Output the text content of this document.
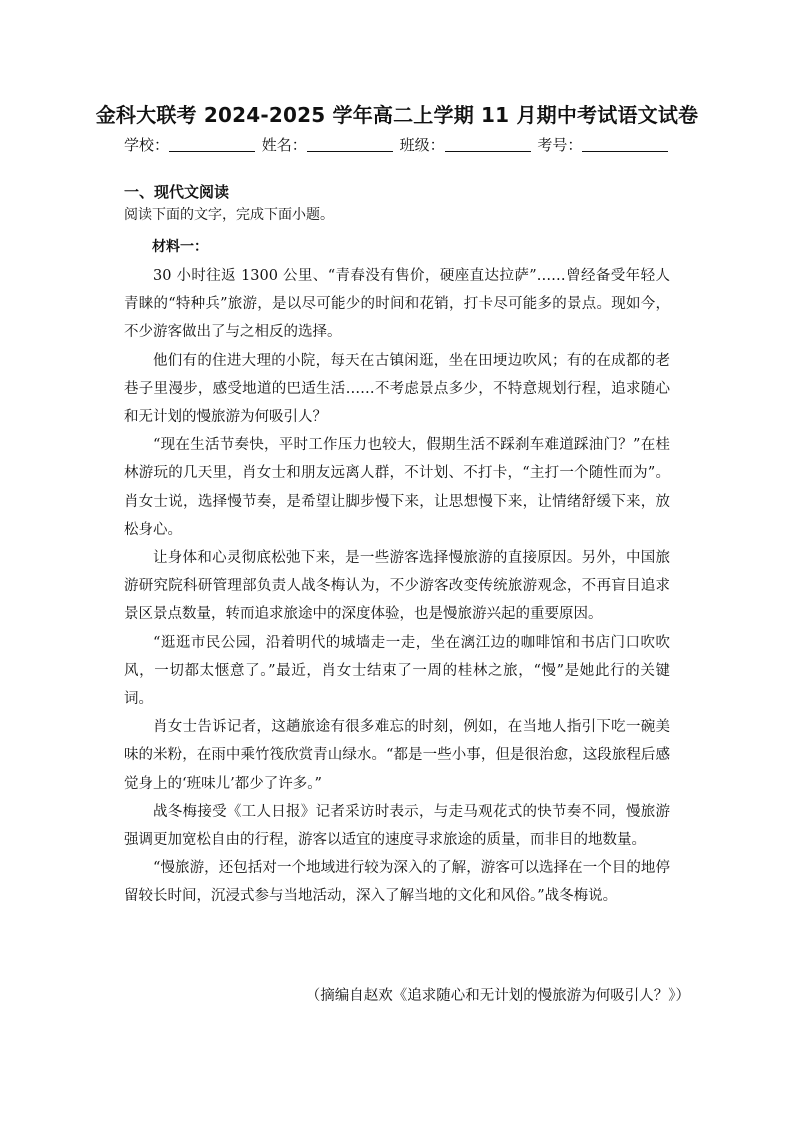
金科大联考 2024-2025 学年高二上学期 11 月期中考试语文试卷
学校：	姓名：	班级：	考号：
一、现代文阅读
阅读下面的文字，完成下面小题。
材料一：

30 小时往返 1300 公里、“青春没有售价，硬座直达拉萨”……曾经备受年轻人青睐的“特种兵”旅游，是以尽可能少的时间和花销，打卡尽可能多的景点。现如今，不少游客做出了与之相反的选择。

他们有的住进大理的小院，每天在古镇闲逛，坐在田埂边吹风；有的在成都的老巷子里漫步，感受地道的巴适生活……不考虑景点多少，不特意规划行程，追求随心和无计划的慢旅游为何吸引人？

“现在生活节奏快，平时工作压力也较大，假期生活不踩刹车难道踩油门？”在桂林游玩的几天里，肖女士和朋友远离人群，不计划、不打卡，“主打一个随性而为”。肖女士说，选择慢节奏，是希望让脚步慢下来，让思想慢下来，让情绪舒缓下来，放松身心。

让身体和心灵彻底松弛下来，是一些游客选择慢旅游的直接原因。另外，中国旅游研究院科研管理部负责人战冬梅认为，不少游客改变传统旅游观念，不再盲目追求景区景点数量，转而追求旅途中的深度体验，也是慢旅游兴起的重要原因。

“逛逛市民公园，沿着明代的城墙走一走，坐在漓江边的咖啡馆和书店门口吹吹风，一切都太惬意了。”最近，肖女士结束了一周的桂林之旅，“慢”是她此行的关键词。

肖女士告诉记者，这趟旅途有很多难忘的时刻，例如，在当地人指引下吃一碗美味的米粉，在雨中乘竹筏欣赏青山绿水。“都是一些小事，但是很治愈，这段旅程后感觉身上的‘班味儿’都少了许多。”

战冬梅接受《工人日报》记者采访时表示，与走马观花式的快节奏不同，慢旅游强调更加宽松自由的行程，游客以适宜的速度寻求旅途的质量，而非目的地数量。

“慢旅游，还包括对一个地域进行较为深入的了解，游客可以选择在一个目的地停留较长时间，沉浸式参与当地活动，深入了解当地的文化和风俗。”战冬梅说。

（摘编自赵欢《追求随心和无计划的慢旅游为何吸引人？》）
